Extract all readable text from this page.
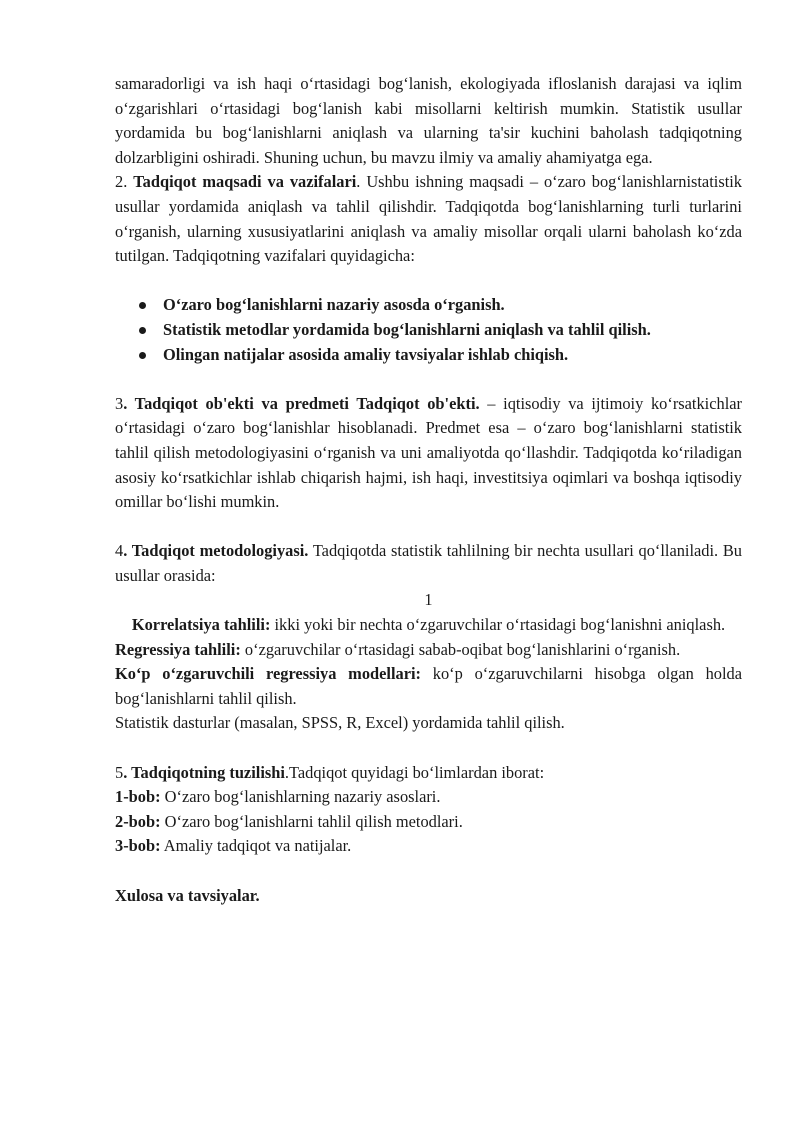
samaradorligi va ish haqi o‘rtasidagi bog‘lanish, ekologiyada ifloslanish darajasi va iqlim o‘zgarishlari o‘rtasidagi bog‘lanish kabi misollarni keltirish mumkin. Statistik usullar yordamida bu bog‘lanishlarni aniqlash va ularning ta'sir kuchini baholash tadqiqotning dolzarbligini oshiradi. Shuning uchun, bu mavzu ilmiy va amaliy ahamiyatga ega.

2. Tadqiqot maqsadi va vazifalari. Ushbu ishning maqsadi – o‘zaro bog‘lanishlarnistatistik usullar yordamida aniqlash va tahlil qilishdir. Tadqiqotda bog‘lanishlarning turli turlarini o‘rganish, ularning xususiyatlarini aniqlash va amaliy misollar orqali ularni baholash ko‘zda tutilgan. Tadqiqotning vazifalari quyidagicha:

O‘zaro bog‘lanishlarni nazariy asosda o‘rganish.
Statistik metodlar yordamida bog‘lanishlarni aniqlash va tahlil qilish.
Olingan natijalar asosida amaliy tavsiyalar ishlab chiqish.

3. Tadqiqot ob'ekti va predmeti Tadqiqot ob'ekti. – iqtisodiy va ijtimoiy ko‘rsatkichlar o‘rtasidagi o‘zaro bog‘lanishlar hisoblanadi. Predmet esa – o‘zaro bog‘lanishlarni statistik tahlil qilish metodologiyasini o‘rganish va uni amaliyotda qo‘llashdir. Tadqiqotda ko‘riladigan asosiy ko‘rsatkichlar ishlab chiqarish hajmi, ish haqi, investitsiya oqimlari va boshqa iqtisodiy omillar bo‘lishi mumkin.

4. Tadqiqot metodologiyasi. Tadqiqotda statistik tahlilning bir nechta usullari qo‘llaniladi. Bu usullar orasida:

1

Korrelatsiya tahlili: ikki yoki bir nechta o‘zgaruvchilar o‘rtasidagi bog‘lanishni aniqlash.

Regressiya tahlili: o‘zgaruvchilar o‘rtasidagi sabab-oqibat bog‘lanishlarini o‘rganish.

Ko‘p o‘zgaruvchili regressiya modellari: ko‘p o‘zgaruvchilarni hisobga olgan holda bog‘lanishlarni tahlil qilish.

Statistik dasturlar (masalan, SPSS, R, Excel) yordamida tahlil qilish.

5. Tadqiqotning tuzilishi.Tadqiqot quyidagi bo‘limlardan iborat:

1-bob: O‘zaro bog‘lanishlarning nazariy asoslari.

2-bob: O‘zaro bog‘lanishlarni tahlil qilish metodlari.

3-bob: Amaliy tadqiqot va natijalar.

Xulosa va tavsiyalar.
